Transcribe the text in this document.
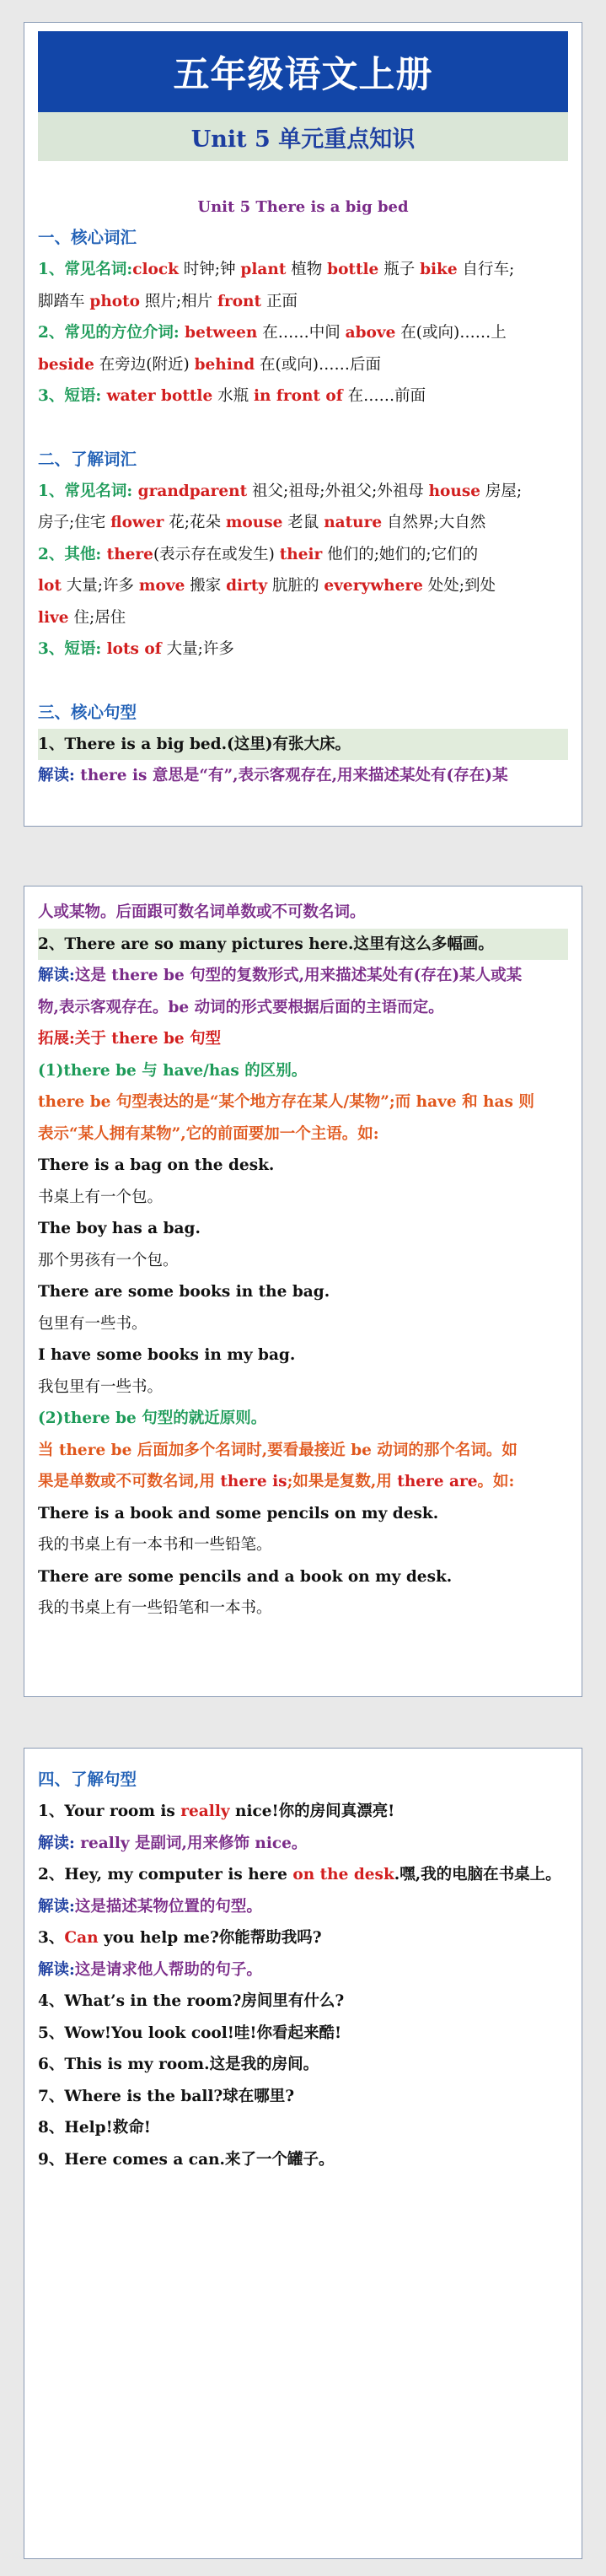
五年级语文上册
Unit 5 单元重点知识
Unit 5 There is a big bed
一、核心词汇
1、常见名词:clock 时钟;钟 plant 植物 bottle 瓶子 bike 自行车;
脚踏车 photo 照片;相片 front 正面
2、常见的方位介词: between 在……中间 above 在(或向)……上
beside 在旁边(附近) behind 在(或向)……后面
3、短语: water bottle 水瓶 in front of 在……前面
二、了解词汇
1、常见名词: grandparent 祖父;祖母;外祖父;外祖母 house 房屋;
房子;住宅 flower 花;花朵 mouse 老鼠 nature 自然界;大自然
2、其他: there(表示存在或发生) their 他们的;她们的;它们的
lot 大量;许多 move 搬家 dirty 肮脏的 everywhere 处处;到处
live 住;居住
3、短语: lots of 大量;许多
三、核心句型
1、There is a big bed.(这里)有张大床。
解读: there is 意思是“有”,表示客观存在,用来描述某处有(存在)某
人或某物。后面跟可数名词单数或不可数名词。
2、There are so many pictures here.这里有这么多幅画。
解读:这是 there be 句型的复数形式,用来描述某处有(存在)某人或某
物,表示客观存在。be 动词的形式要根据后面的主语而定。
拓展:关于 there be 句型
(1)there be 与 have/has 的区别。
there be 句型表达的是“某个地方存在某人/某物”;而 have 和 has 则
表示“某人拥有某物”,它的前面要加一个主语。如:
There is a bag on the desk.
书桌上有一个包。
The boy has a bag.
那个男孩有一个包。
There are some books in the bag.
包里有一些书。
I have some books in my bag.
我包里有一些书。
(2)there be 句型的就近原则。
当 there be 后面加多个名词时,要看最接近 be 动词的那个名词。如
果是单数或不可数名词,用 there is;如果是复数,用 there are。如:
There is a book and some pencils on my desk.
我的书桌上有一本书和一些铅笔。
There are some pencils and a book on my desk.
我的书桌上有一些铅笔和一本书。
四、了解句型
1、Your room is really nice!你的房间真漂亮!
解读: really 是副词,用来修饰 nice。
2、Hey, my computer is here on the desk.嘿,我的电脑在书桌上。
解读:这是描述某物位置的句型。
3、Can you help me?你能帮助我吗?
解读:这是请求他人帮助的句子。
4、What’s in the room?房间里有什么?
5、Wow!You look cool!哇!你看起来酷!
6、This is my room.这是我的房间。
7、Where is the ball?球在哪里?
8、Help!救命!
9、Here comes a can.来了一个罐子。
